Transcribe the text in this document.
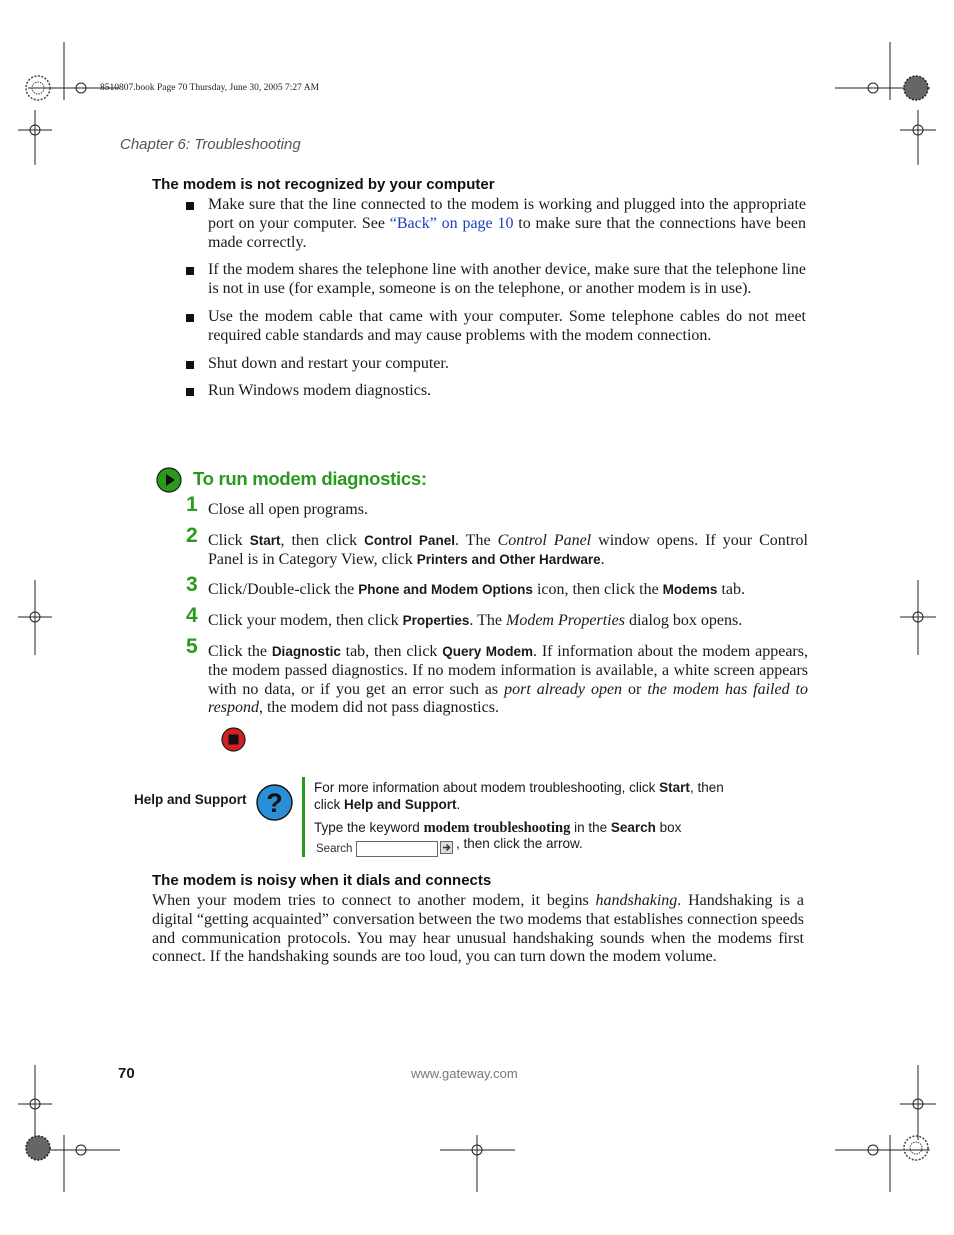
8510807.book Page 70 Thursday, June 30, 2005 7:27 AM
Chapter 6: Troubleshooting
The modem is not recognized by your computer
Make sure that the line connected to the modem is working and plugged into the appropriate port on your computer. See “Back” on page 10 to make sure that the connections have been made correctly.
If the modem shares the telephone line with another device, make sure that the telephone line is not in use (for example, someone is on the telephone, or another modem is in use).
Use the modem cable that came with your computer. Some telephone cables do not meet required cable standards and may cause problems with the modem connection.
Shut down and restart your computer.
Run Windows modem diagnostics.
To run modem diagnostics:
1 Close all open programs.
2 Click Start, then click Control Panel. The Control Panel window opens. If your Control Panel is in Category View, click Printers and Other Hardware.
3 Click/Double-click the Phone and Modem Options icon, then click the Modems tab.
4 Click your modem, then click Properties. The Modem Properties dialog box opens.
5 Click the Diagnostic tab, then click Query Modem. If information about the modem appears, the modem passed diagnostics. If no modem information is available, a white screen appears with no data, or if you get an error such as port already open or the modem has failed to respond, the modem did not pass diagnostics.
Help and Support ?
For more information about modem troubleshooting, click Start, then click Help and Support.
Type the keyword modem troubleshooting in the Search box
Search	, then click the arrow.
The modem is noisy when it dials and connects
When your modem tries to connect to another modem, it begins handshaking. Handshaking is a digital “getting acquainted” conversation between the two modems that establishes connection speeds and communication protocols. You may hear unusual handshaking sounds when the modems first connect. If the handshaking sounds are too loud, you can turn down the modem volume.
70	www.gateway.com
